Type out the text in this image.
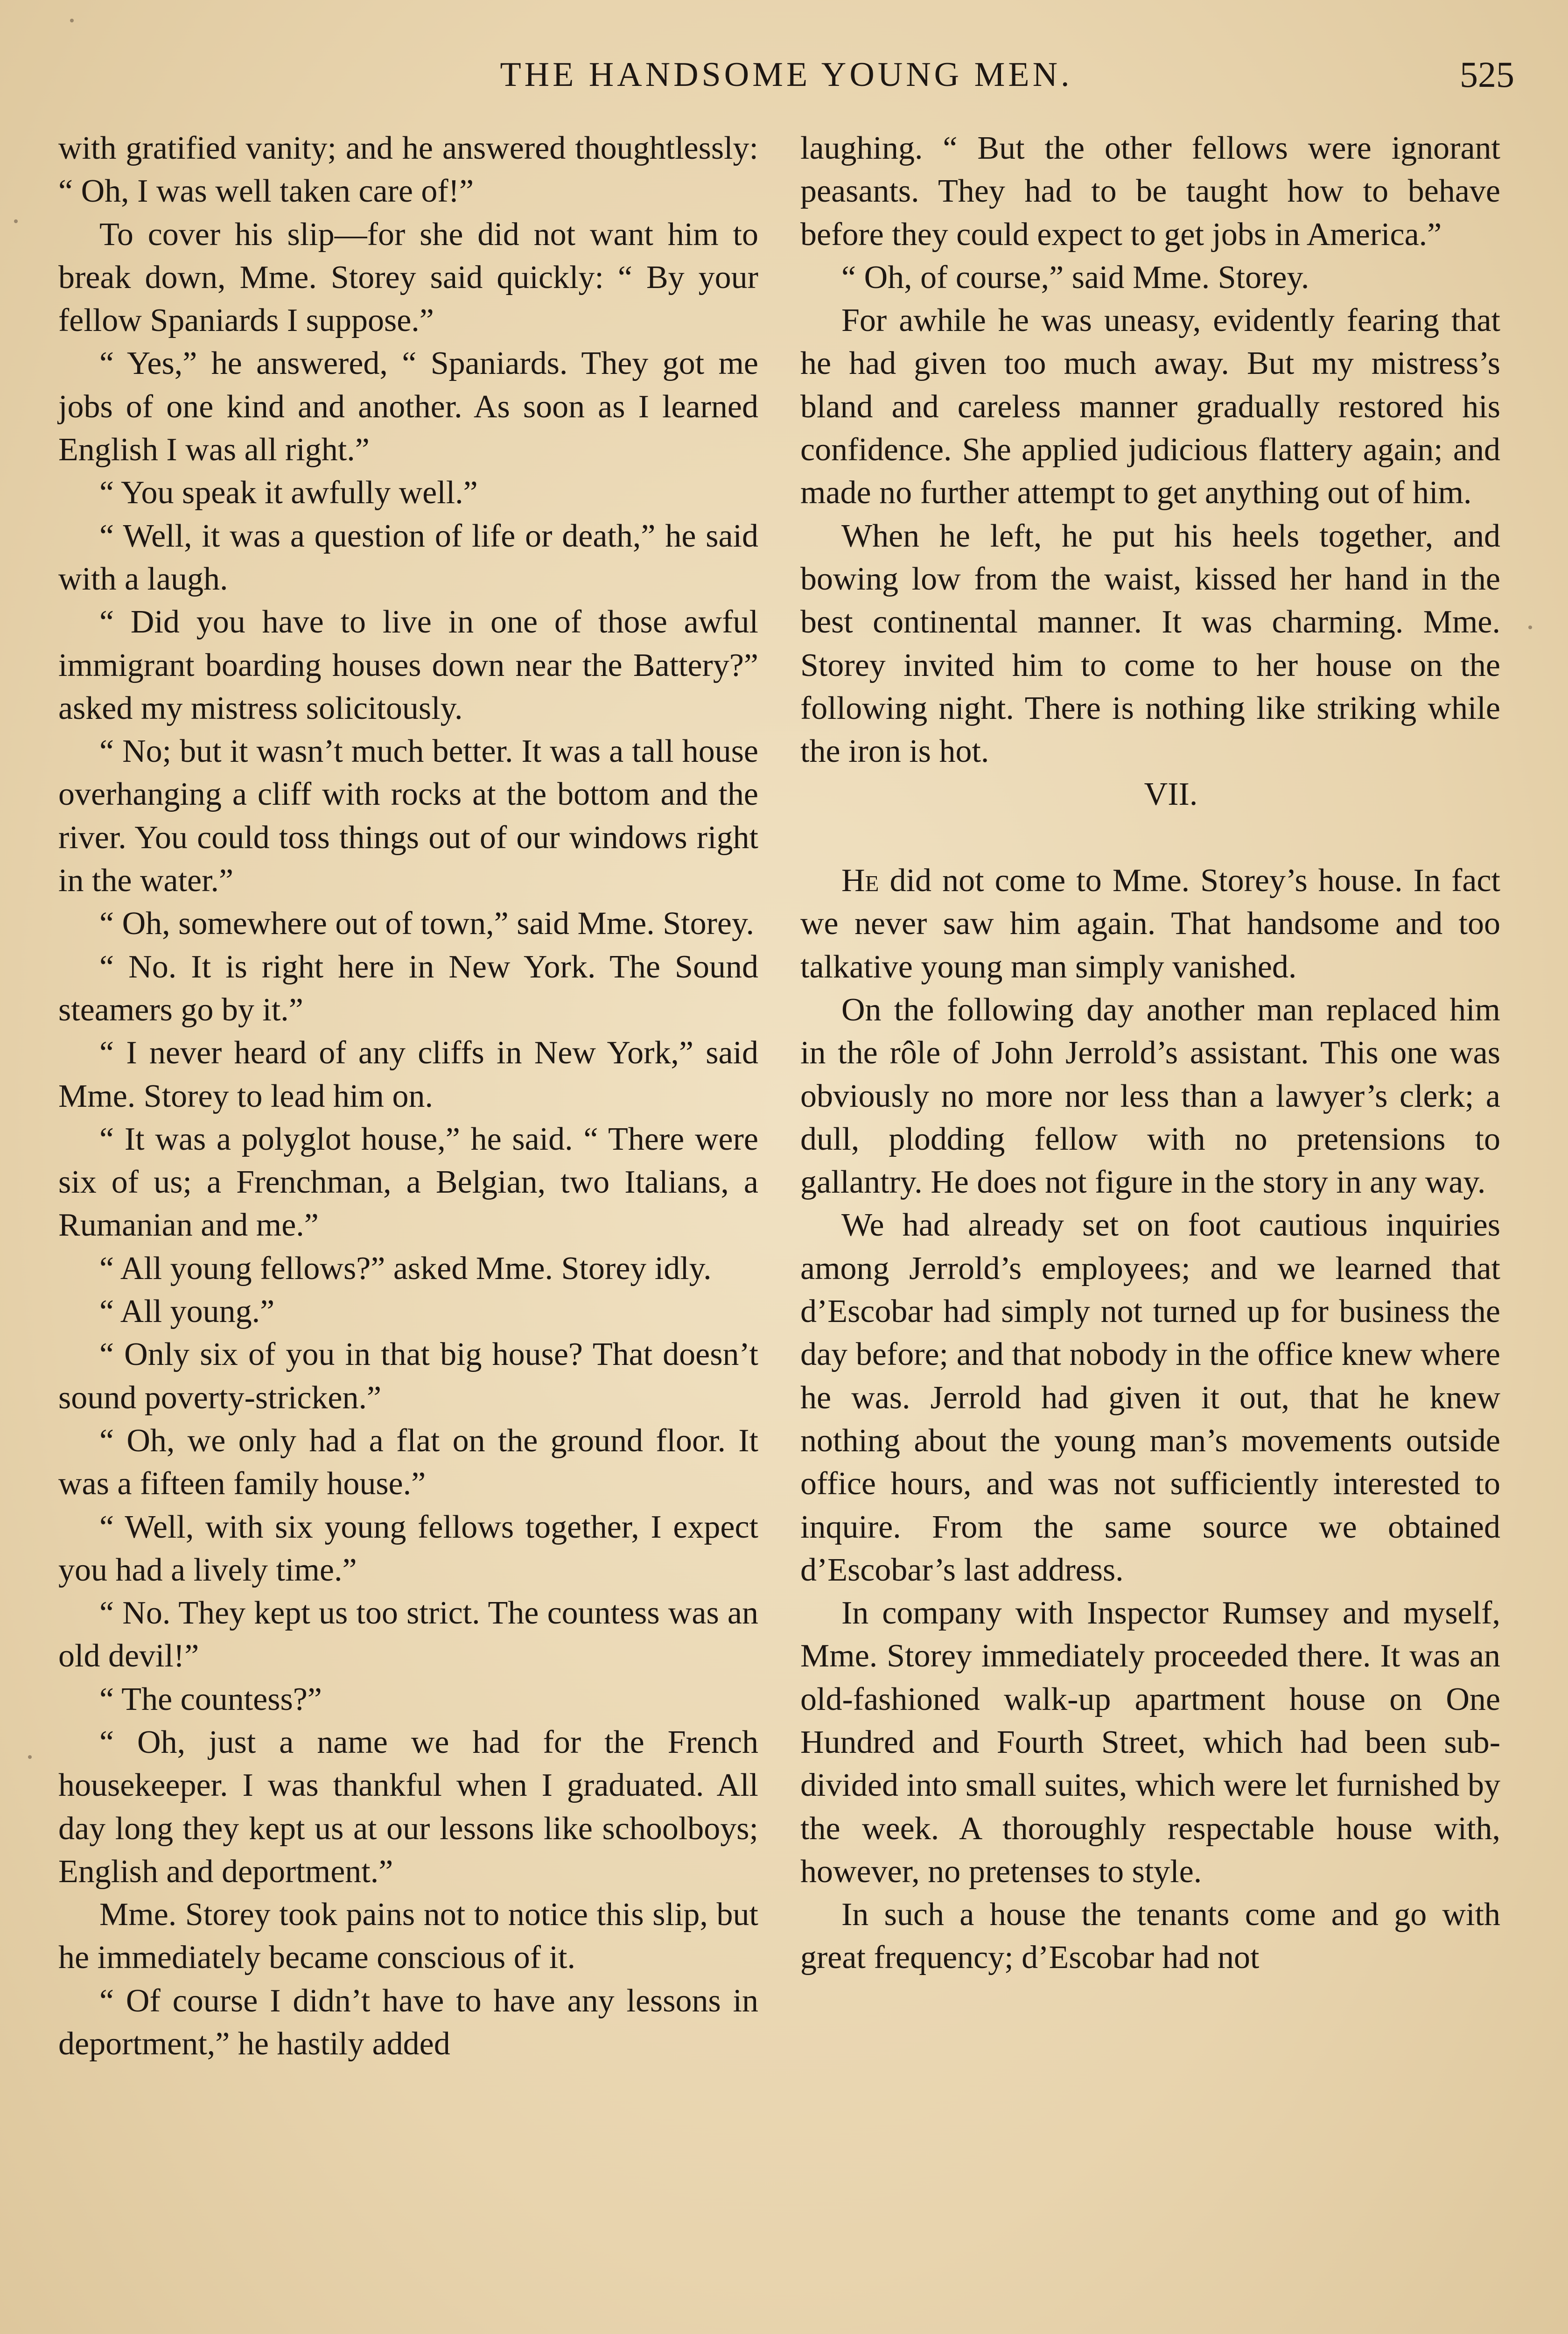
THE HANDSOME YOUNG MEN.	525

with gratified vanity; and he answered thoughtlessly: “ Oh, I was well taken care of!”

To cover his slip—for she did not want him to break down, Mme. Storey said quickly: “ By your fellow Spaniards I suppose.”

“ Yes,” he answered, “ Spaniards. They got me jobs of one kind and another. As soon as I learned English I was all right.”

“ You speak it awfully well.”

“ Well, it was a question of life or death,” he said with a laugh.

“ Did you have to live in one of those awful immigrant boarding houses down near the Battery?” asked my mistress solicitously.

“ No; but it wasn’t much better. It was a tall house overhanging a cliff with rocks at the bottom and the river. You could toss things out of our windows right in the water.”

“ Oh, somewhere out of town,” said Mme. Storey.

“ No. It is right here in New York. The Sound steamers go by it.”

“ I never heard of any cliffs in New York,” said Mme. Storey to lead him on.

“ It was a polyglot house,” he said. “ There were six of us; a Frenchman, a Belgian, two Italians, a Rumanian and me.”

“ All young fellows?” asked Mme. Storey idly.

“ All young.”

“ Only six of you in that big house? That doesn’t sound poverty-stricken.”

“ Oh, we only had a flat on the ground floor. It was a fifteen family house.”

“ Well, with six young fellows together, I expect you had a lively time.”

“ No. They kept us too strict. The countess was an old devil!”

“ The countess?”

“ Oh, just a name we had for the French housekeeper. I was thankful when I graduated. All day long they kept us at our lessons like schoolboys; English and deportment.”

Mme. Storey took pains not to notice this slip, but he immediately became conscious of it.

“ Of course I didn’t have to have any lessons in deportment,” he hastily added

laughing. “ But the other fellows were ignorant peasants. They had to be taught how to behave before they could expect to get jobs in America.”

“ Oh, of course,” said Mme. Storey.

For awhile he was uneasy, evidently fearing that he had given too much away. But my mistress’s bland and careless manner gradually restored his confidence. She applied judicious flattery again; and made no further attempt to get anything out of him.

When he left, he put his heels together, and bowing low from the waist, kissed her hand in the best continental manner. It was charming. Mme. Storey invited him to come to her house on the following night. There is nothing like striking while the iron is hot.

VII.

He did not come to Mme. Storey’s house. In fact we never saw him again. That handsome and too talkative young man simply vanished.

On the following day another man replaced him in the rôle of John Jerrold’s assistant. This one was obviously no more nor less than a lawyer’s clerk; a dull, plodding fellow with no pretensions to gallantry. He does not figure in the story in any way.

We had already set on foot cautious inquiries among Jerrold’s employees; and we learned that d’Escobar had simply not turned up for business the day before; and that nobody in the office knew where he was. Jerrold had given it out, that he knew nothing about the young man’s movements outside office hours, and was not sufficiently interested to inquire. From the same source we obtained d’Escobar’s last address.

In company with Inspector Rumsey and myself, Mme. Storey immediately proceeded there. It was an old-fashioned walk-up apartment house on One Hundred and Fourth Street, which had been subdivided into small suites, which were let furnished by the week. A thoroughly respectable house with, however, no pretenses to style.

In such a house the tenants come and go with great frequency; d’Escobar had not
